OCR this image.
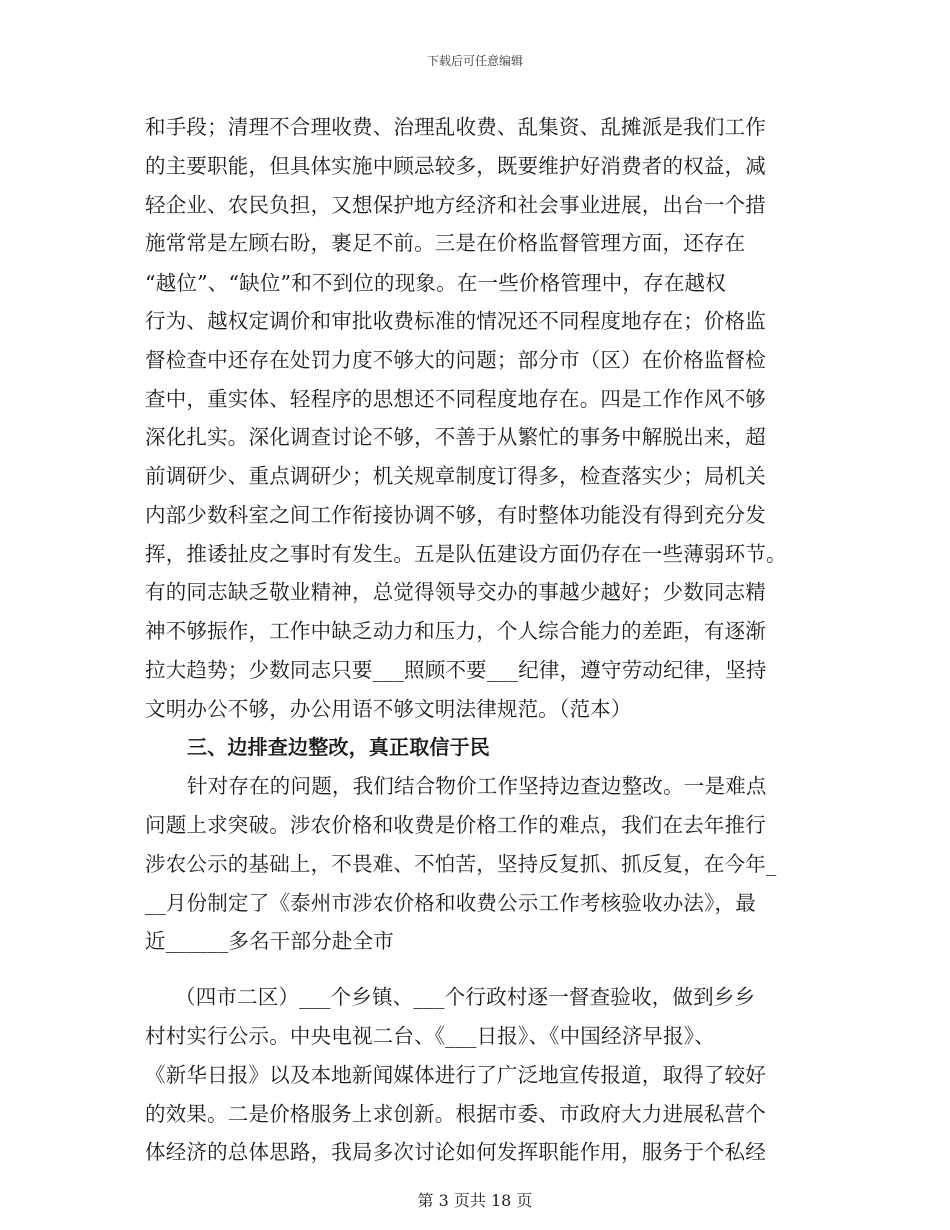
下载后可任意编辑
和手段；清理不合理收费、治理乱收费、乱集资、乱摊派是我们工作
的主要职能，但具体实施中顾忌较多，既要维护好消费者的权益，减
轻企业、农民负担，又想保护地方经济和社会事业进展，出台一个措
施常常是左顾右盼，裹足不前。三是在价格监督管理方面，还存在
“越位”、“缺位”和不到位的现象。在一些价格管理中，存在越权
行为、越权定调价和审批收费标准的情况还不同程度地存在；价格监
督检查中还存在处罚力度不够大的问题；部分市（区）在价格监督检
查中，重实体、轻程序的思想还不同程度地存在。四是工作作风不够
深化扎实。深化调查讨论不够，不善于从繁忙的事务中解脱出来，超
前调研少、重点调研少；机关规章制度订得多，检查落实少；局机关
内部少数科室之间工作衔接协调不够，有时整体功能没有得到充分发
挥，推诿扯皮之事时有发生。五是队伍建设方面仍存在一些薄弱环节。
有的同志缺乏敬业精神，总觉得领导交办的事越少越好；少数同志精
神不够振作，工作中缺乏动力和压力，个人综合能力的差距，有逐渐
拉大趋势；少数同志只要___照顾不要___纪律，遵守劳动纪律，坚持
文明办公不够，办公用语不够文明法律规范。（范本）
三、边排查边整改，真正取信于民
针对存在的问题，我们结合物价工作坚持边查边整改。一是难点
问题上求突破。涉农价格和收费是价格工作的难点，我们在去年推行
涉农公示的基础上，不畏难、不怕苦，坚持反复抓、抓反复，在今年_
__月份制定了《泰州市涉农价格和收费公示工作考核验收办法》，最
近______多名干部分赴全市
（四市二区）___个乡镇、___个行政村逐一督查验收，做到乡乡
村村实行公示。中央电视二台、《___日报》、《中国经济早报》、
《新华日报》以及本地新闻媒体进行了广泛地宣传报道，取得了较好
的效果。二是价格服务上求创新。根据市委、市政府大力进展私营个
体经济的总体思路，我局多次讨论如何发挥职能作用，服务于个私经
第 3 页共 18 页
